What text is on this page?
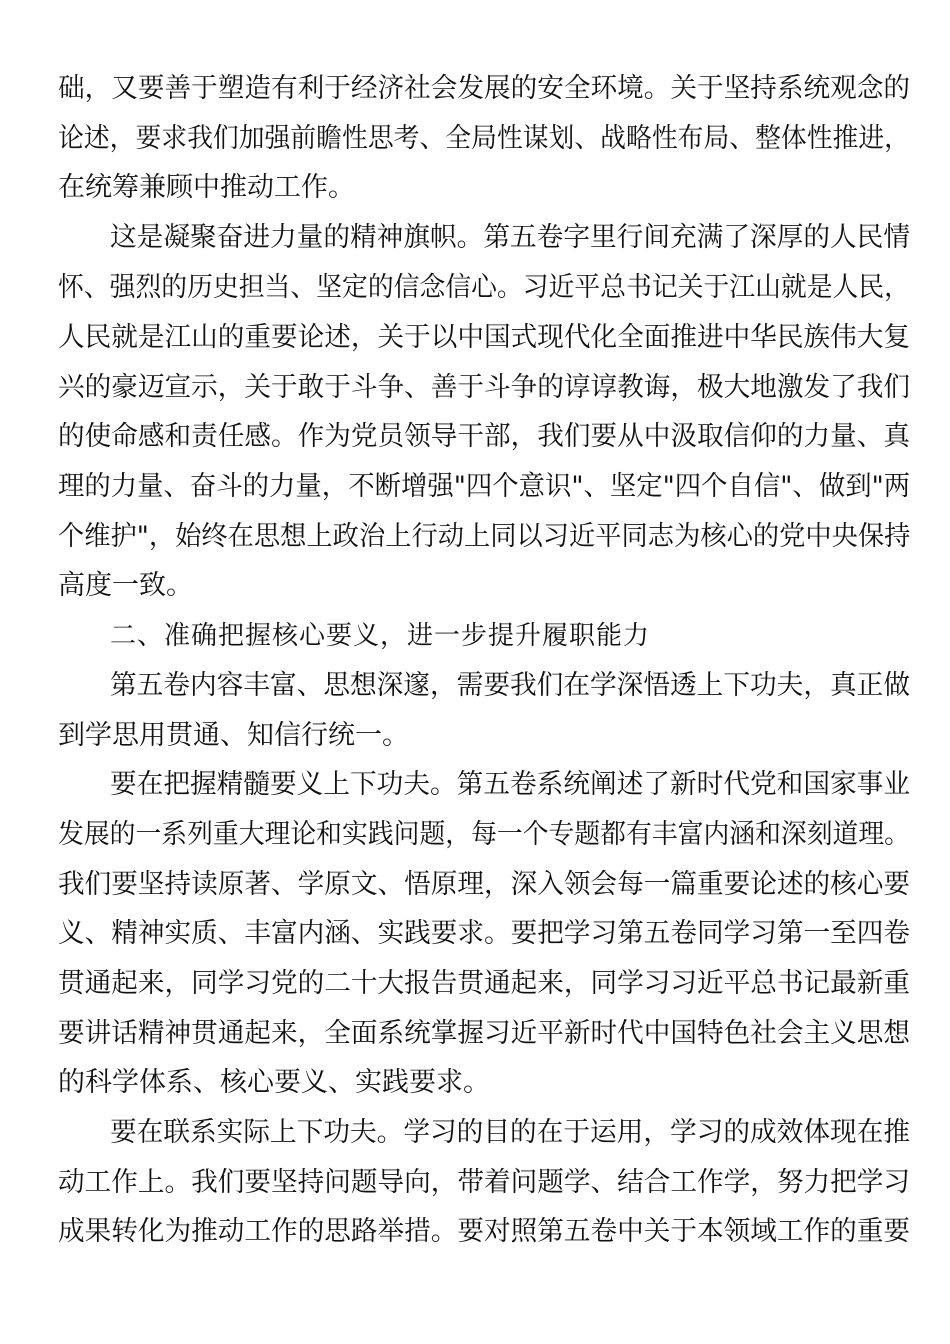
础，又要善于塑造有利于经济社会发展的安全环境。关于坚持系统观念的
论述，要求我们加强前瞻性思考、全局性谋划、战略性布局、整体性推进，
在统筹兼顾中推动工作。
这是凝聚奋进力量的精神旗帜。第五卷字里行间充满了深厚的人民情
怀、强烈的历史担当、坚定的信念信心。习近平总书记关于江山就是人民，
人民就是江山的重要论述，关于以中国式现代化全面推进中华民族伟大复
兴的豪迈宣示，关于敢于斗争、善于斗争的谆谆教诲，极大地激发了我们
的使命感和责任感。作为党员领导干部，我们要从中汲取信仰的力量、真
理的力量、奋斗的力量，不断增强"四个意识"、坚定"四个自信"、做到"两
个维护"，始终在思想上政治上行动上同以习近平同志为核心的党中央保持
高度一致。
二、准确把握核心要义，进一步提升履职能力
第五卷内容丰富、思想深邃，需要我们在学深悟透上下功夫，真正做
到学思用贯通、知信行统一。
要在把握精髓要义上下功夫。第五卷系统阐述了新时代党和国家事业
发展的一系列重大理论和实践问题，每一个专题都有丰富内涵和深刻道理。
我们要坚持读原著、学原文、悟原理，深入领会每一篇重要论述的核心要
义、精神实质、丰富内涵、实践要求。要把学习第五卷同学习第一至四卷
贯通起来，同学习党的二十大报告贯通起来，同学习习近平总书记最新重
要讲话精神贯通起来，全面系统掌握习近平新时代中国特色社会主义思想
的科学体系、核心要义、实践要求。
要在联系实际上下功夫。学习的目的在于运用，学习的成效体现在推
动工作上。我们要坚持问题导向，带着问题学、结合工作学，努力把学习
成果转化为推动工作的思路举措。要对照第五卷中关于本领域工作的重要
